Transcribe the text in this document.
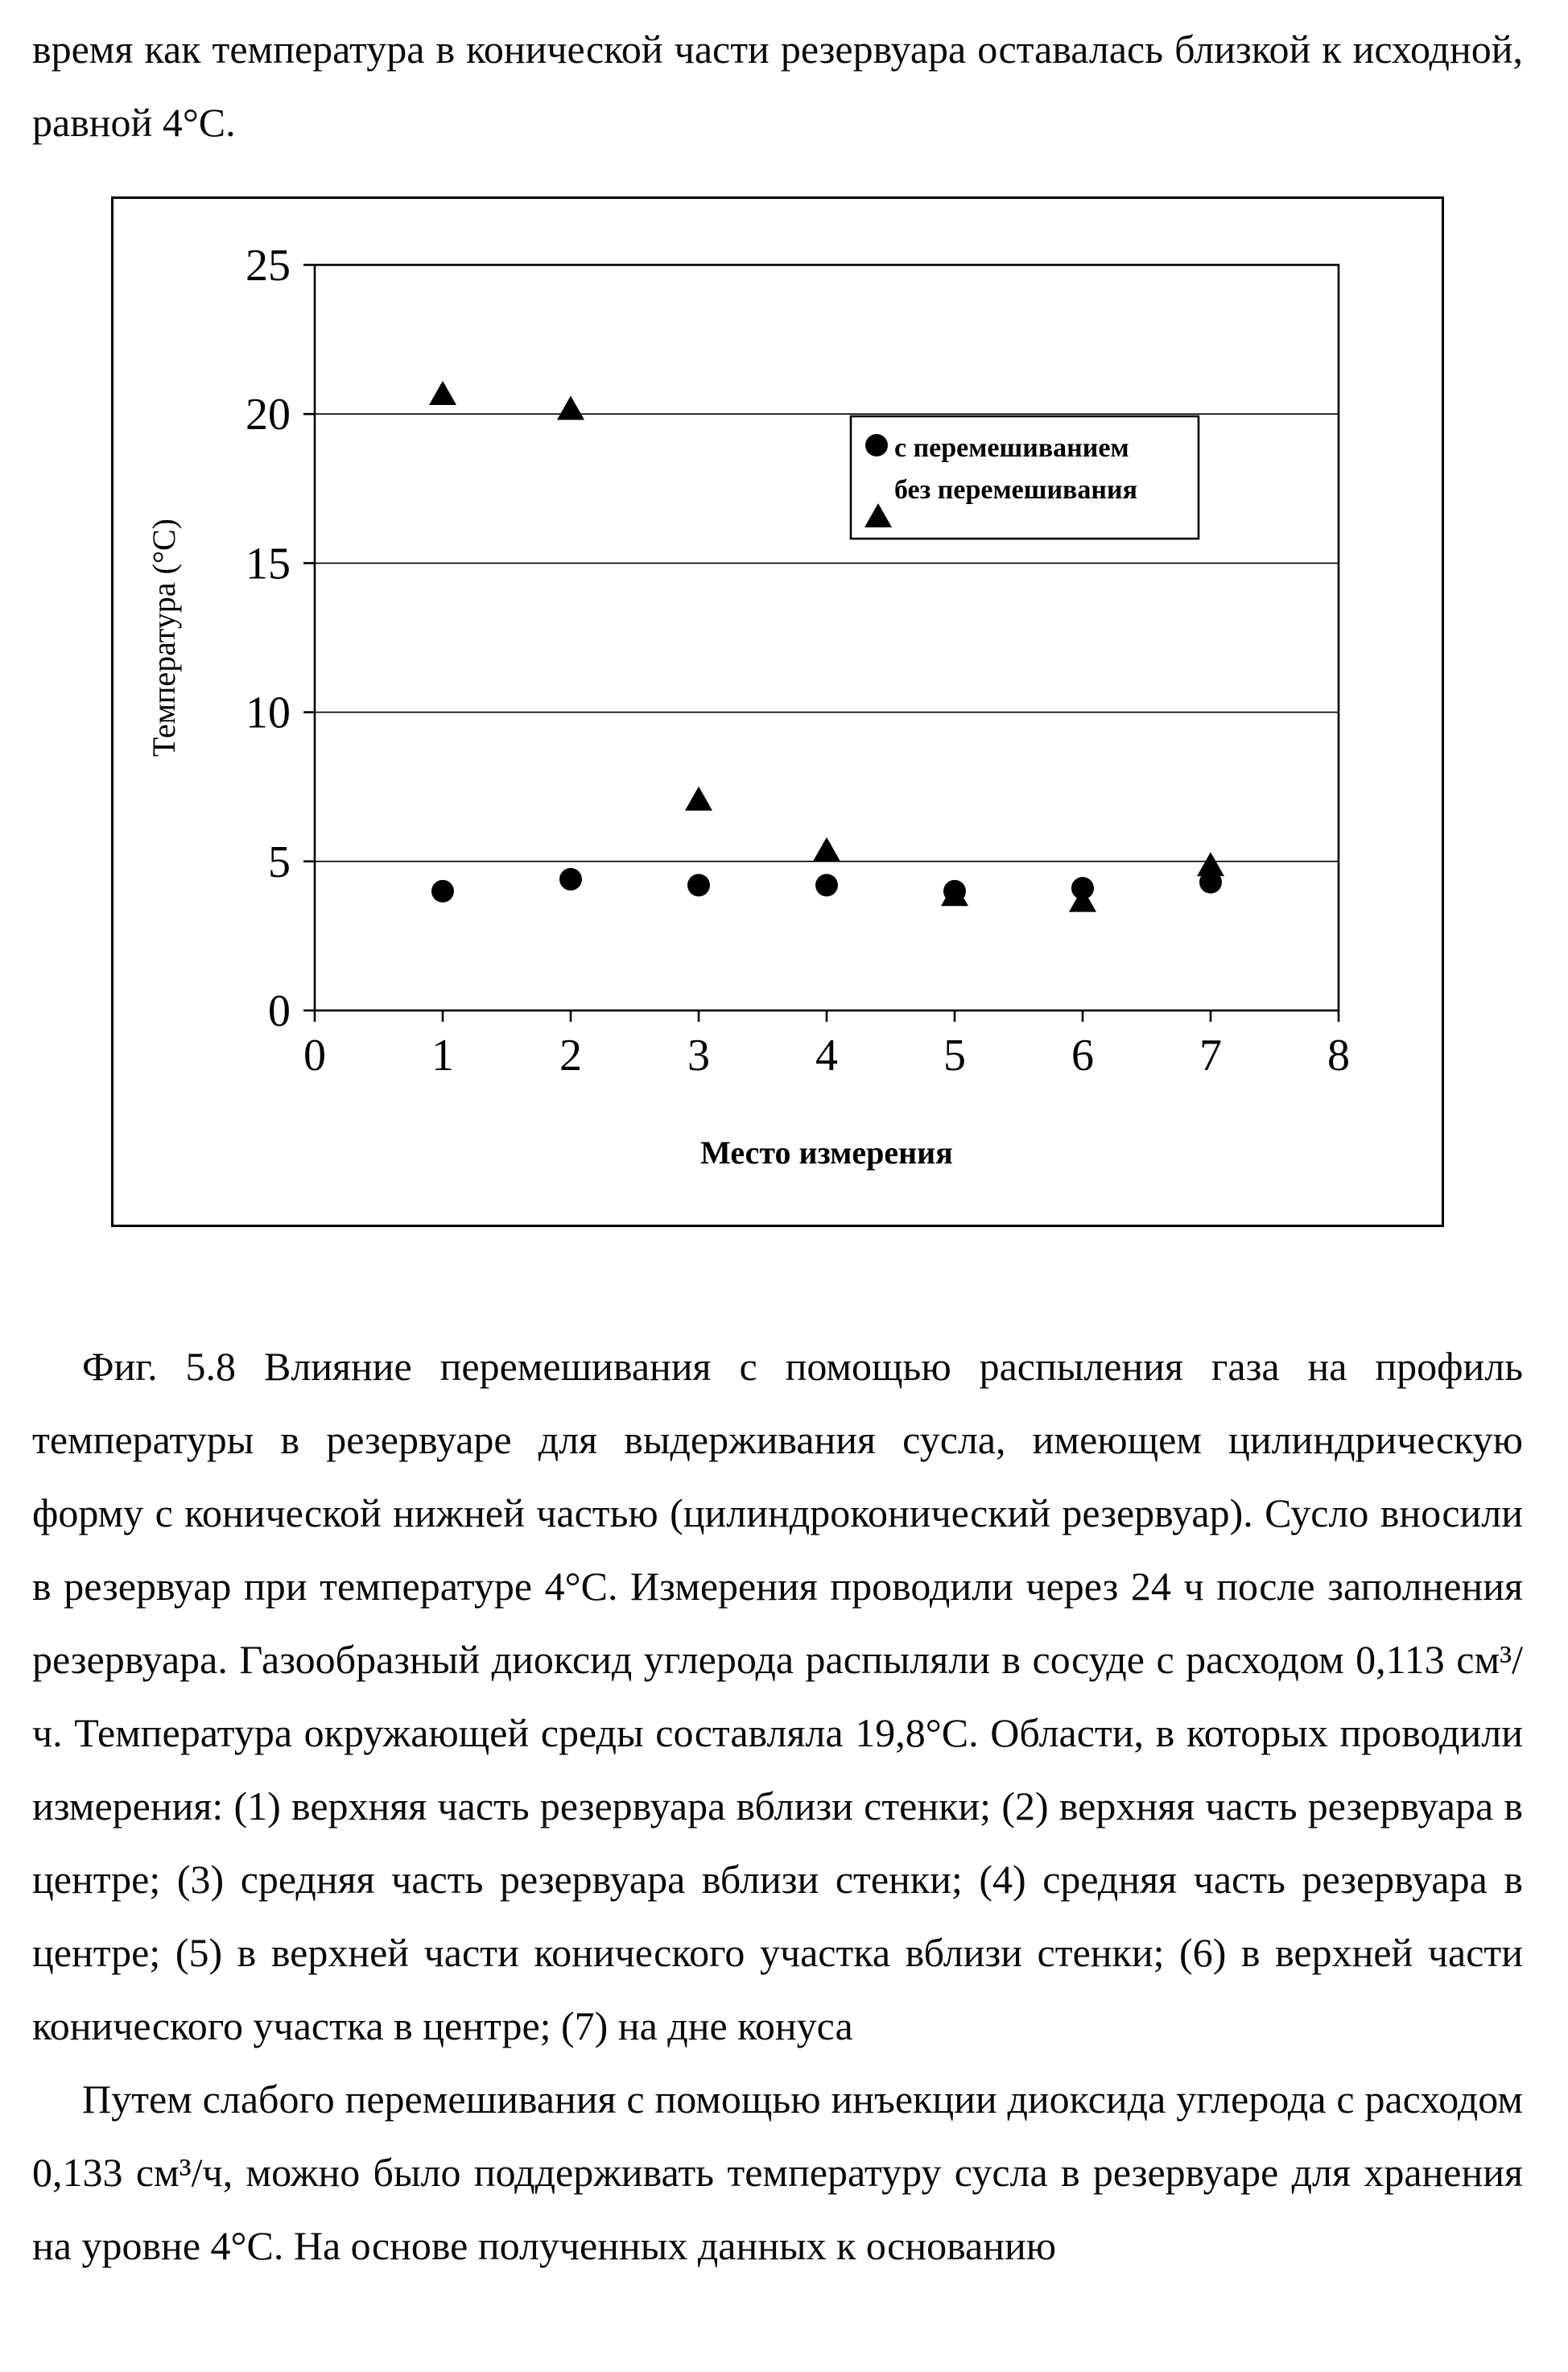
время как температура в конической части резервуара оставалась близкой к исходной, равной 4°С.

0
5
10
15
20
25
0 1 2 3 4 5 6 7 8
Место измерения
Температура (°C)
с перемешиванием
без перемешивания

Фиг. 5.8 Влияние перемешивания с помощью распыления газа на профиль температуры в резервуаре для выдерживания сусла, имеющем цилиндрическую форму с конической нижней частью (цилиндроконический резервуар). Сусло вносили в резервуар при температуре 4°С. Измерения проводили через 24 ч после заполнения резервуара. Газообразный диоксид углерода распыляли в сосуде с расходом 0,113 см³/ч. Температура окружающей среды составляла 19,8°С. Области, в которых проводили измерения: (1) верхняя часть резервуара вблизи стенки; (2) верхняя часть резервуара в центре; (3) средняя часть резервуара вблизи стенки; (4) средняя часть резервуара в центре; (5) в верхней части конического участка вблизи стенки; (6) в верхней части конического участка в центре; (7) на дне конуса

Путем слабого перемешивания с помощью инъекции диоксида углерода с расходом 0,133 см³/ч, можно было поддерживать температуру сусла в резервуаре для хранения на уровне 4°С. На основе полученных данных к основанию
